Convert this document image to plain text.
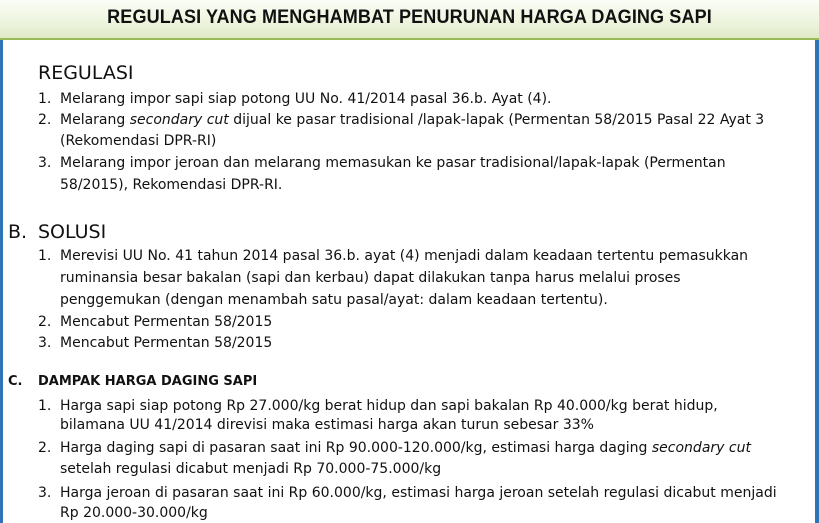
REGULASI YANG MENGHAMBAT PENURUNAN HARGA DAGING SAPI
REGULASI
1. Melarang impor sapi siap potong UU No. 41/2014 pasal 36.b. Ayat (4).
2. Melarang secondary cut dijual ke pasar tradisional /lapak-lapak (Permentan 58/2015 Pasal 22 Ayat 3
(Rekomendasi DPR-RI)
3. Melarang impor jeroan dan melarang memasukan ke pasar tradisional/lapak-lapak (Permentan
58/2015), Rekomendasi DPR-RI.
B. SOLUSI
1. Merevisi UU No. 41 tahun 2014 pasal 36.b. ayat (4) menjadi dalam keadaan tertentu pemasukkan
ruminansia besar bakalan (sapi dan kerbau) dapat dilakukan tanpa harus melalui proses
penggemukan (dengan menambah satu pasal/ayat: dalam keadaan tertentu).
2. Mencabut Permentan 58/2015
3. Mencabut Permentan 58/2015
C. DAMPAK HARGA DAGING SAPI
1. Harga sapi siap potong Rp 27.000/kg berat hidup dan sapi bakalan Rp 40.000/kg berat hidup,
bilamana UU 41/2014 direvisi maka estimasi harga akan turun sebesar 33%
2. Harga daging sapi di pasaran saat ini Rp 90.000-120.000/kg, estimasi harga daging secondary cut
setelah regulasi dicabut menjadi Rp 70.000-75.000/kg
3. Harga jeroan di pasaran saat ini Rp 60.000/kg, estimasi harga jeroan setelah regulasi dicabut menjadi
Rp 20.000-30.000/kg
